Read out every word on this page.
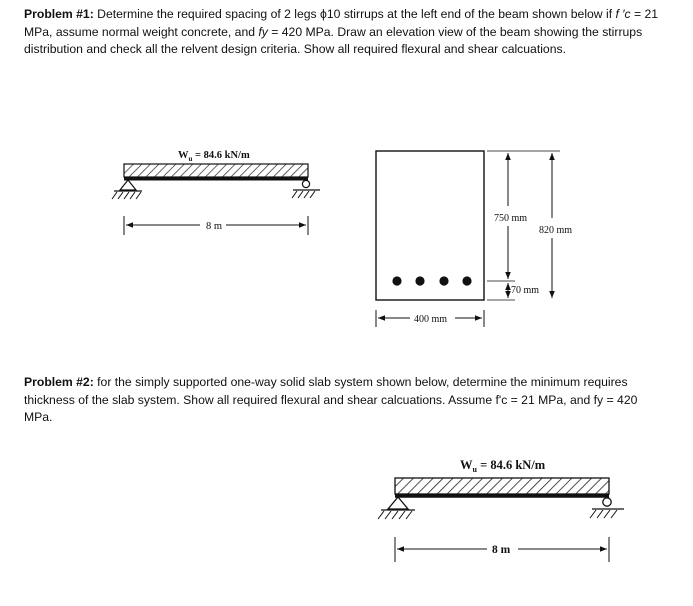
Problem #1: Determine the required spacing of 2 legs ϕ10 stirrups at the left end of the beam shown below if f ′c = 21
MPa, assume normal weight concrete, and fy = 420 MPa. Draw an elevation view of the beam showing the stirrups
distribution and check all the relvent design criteria. Show all required flexural and shear calcuations.
Problem #2: for the simply supported one-way solid slab system shown below, determine the minimum requires
thickness of the slab system. Show all required flexural and shear calcuations. Assume f'c = 21 MPa, and fy = 420
MPa.
$W_u = 84.6$ kN/m
8 m
750 mm
70 mm
820 mm
400 mm
$W_u = 84.6$ kN/m
8 m
